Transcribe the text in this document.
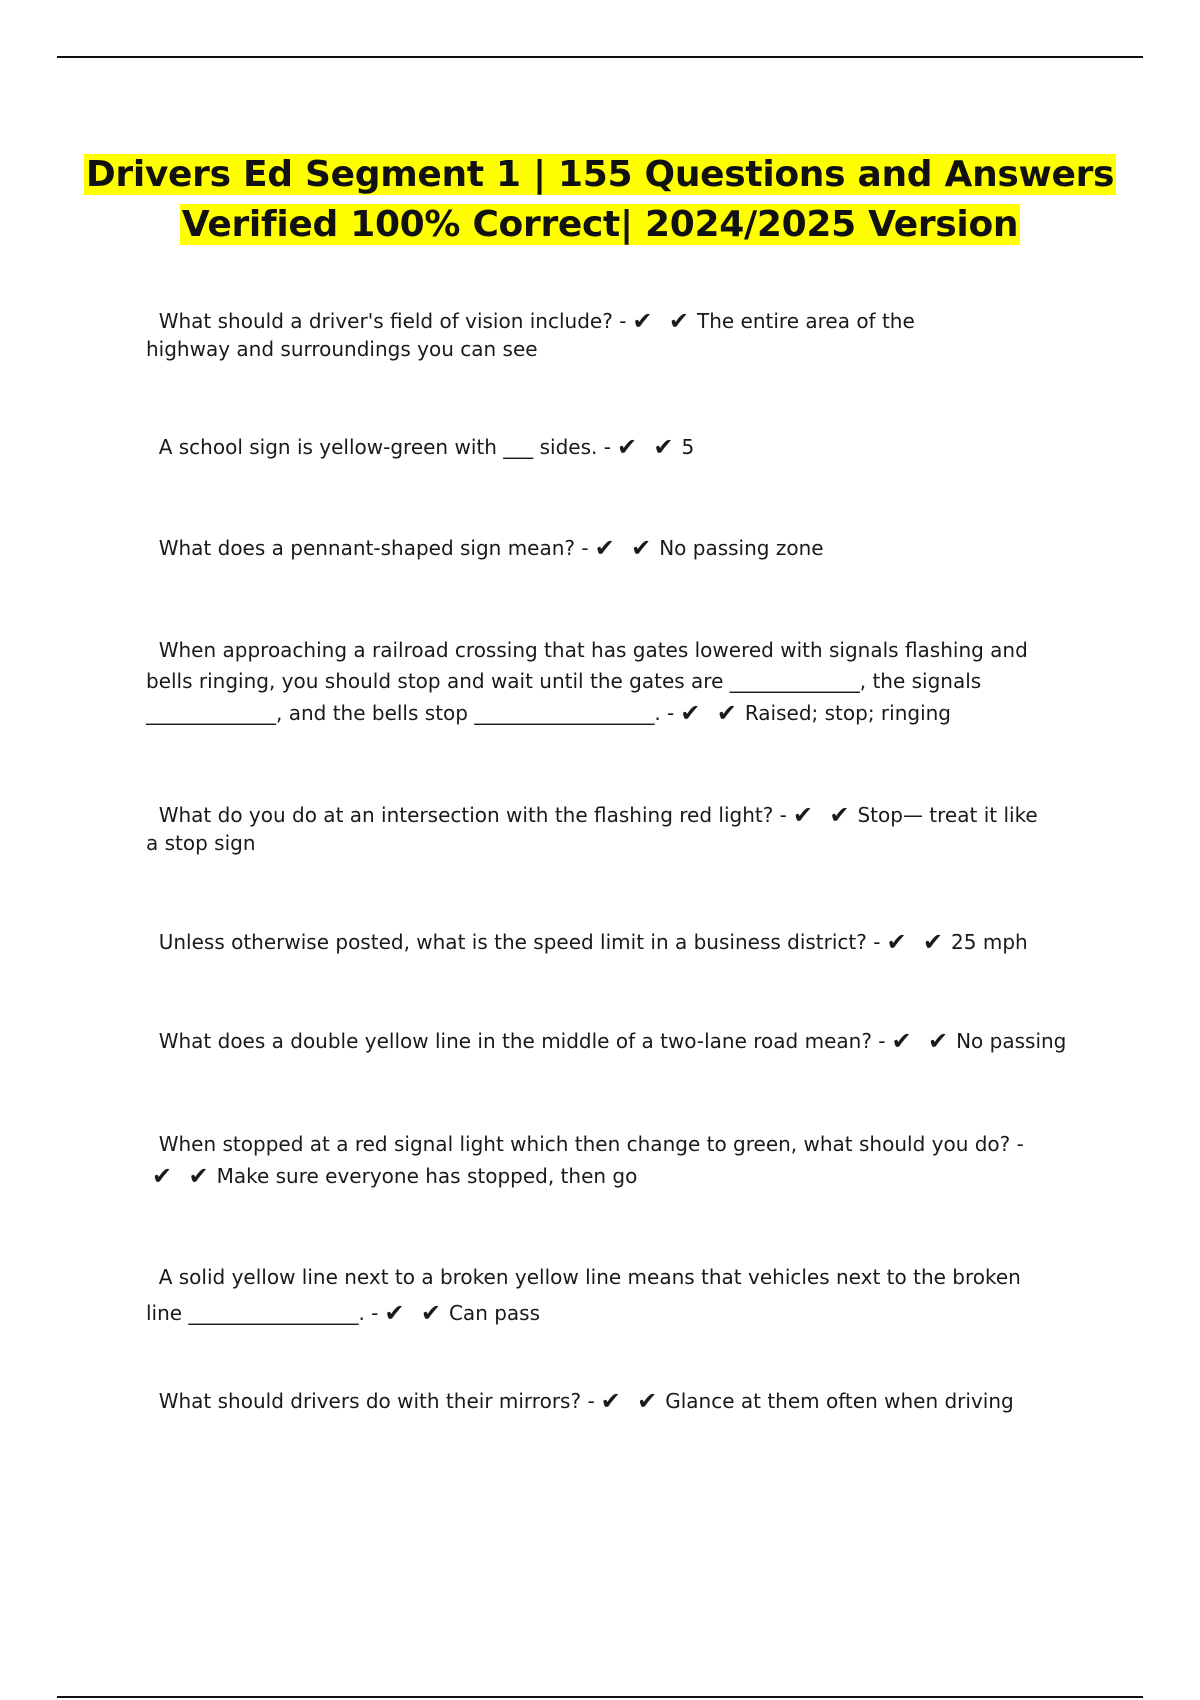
Drivers Ed Segment 1 | 155 Questions and Answers
Verified 100% Correct| 2024/2025 Version

What should a driver's field of vision include? - ✔ ✔ The entire area of the highway and surroundings you can see

A school sign is yellow-green with ___ sides. - ✔ ✔ 5

What does a pennant-shaped sign mean? - ✔ ✔ No passing zone

When approaching a railroad crossing that has gates lowered with signals flashing and bells ringing, you should stop and wait until the gates are _____________, the signals _____________, and the bells stop __________________. - ✔ ✔ Raised; stop; ringing

What do you do at an intersection with the flashing red light? - ✔ ✔ Stop— treat it like a stop sign

Unless otherwise posted, what is the speed limit in a business district? - ✔ ✔ 25 mph

What does a double yellow line in the middle of a two-lane road mean? - ✔ ✔ No passing

When stopped at a red signal light which then change to green, what should you do? -✔ ✔ Make sure everyone has stopped, then go

A solid yellow line next to a broken yellow line means that vehicles next to the broken line _________________. - ✔ ✔ Can pass

What should drivers do with their mirrors? - ✔ ✔ Glance at them often when driving
